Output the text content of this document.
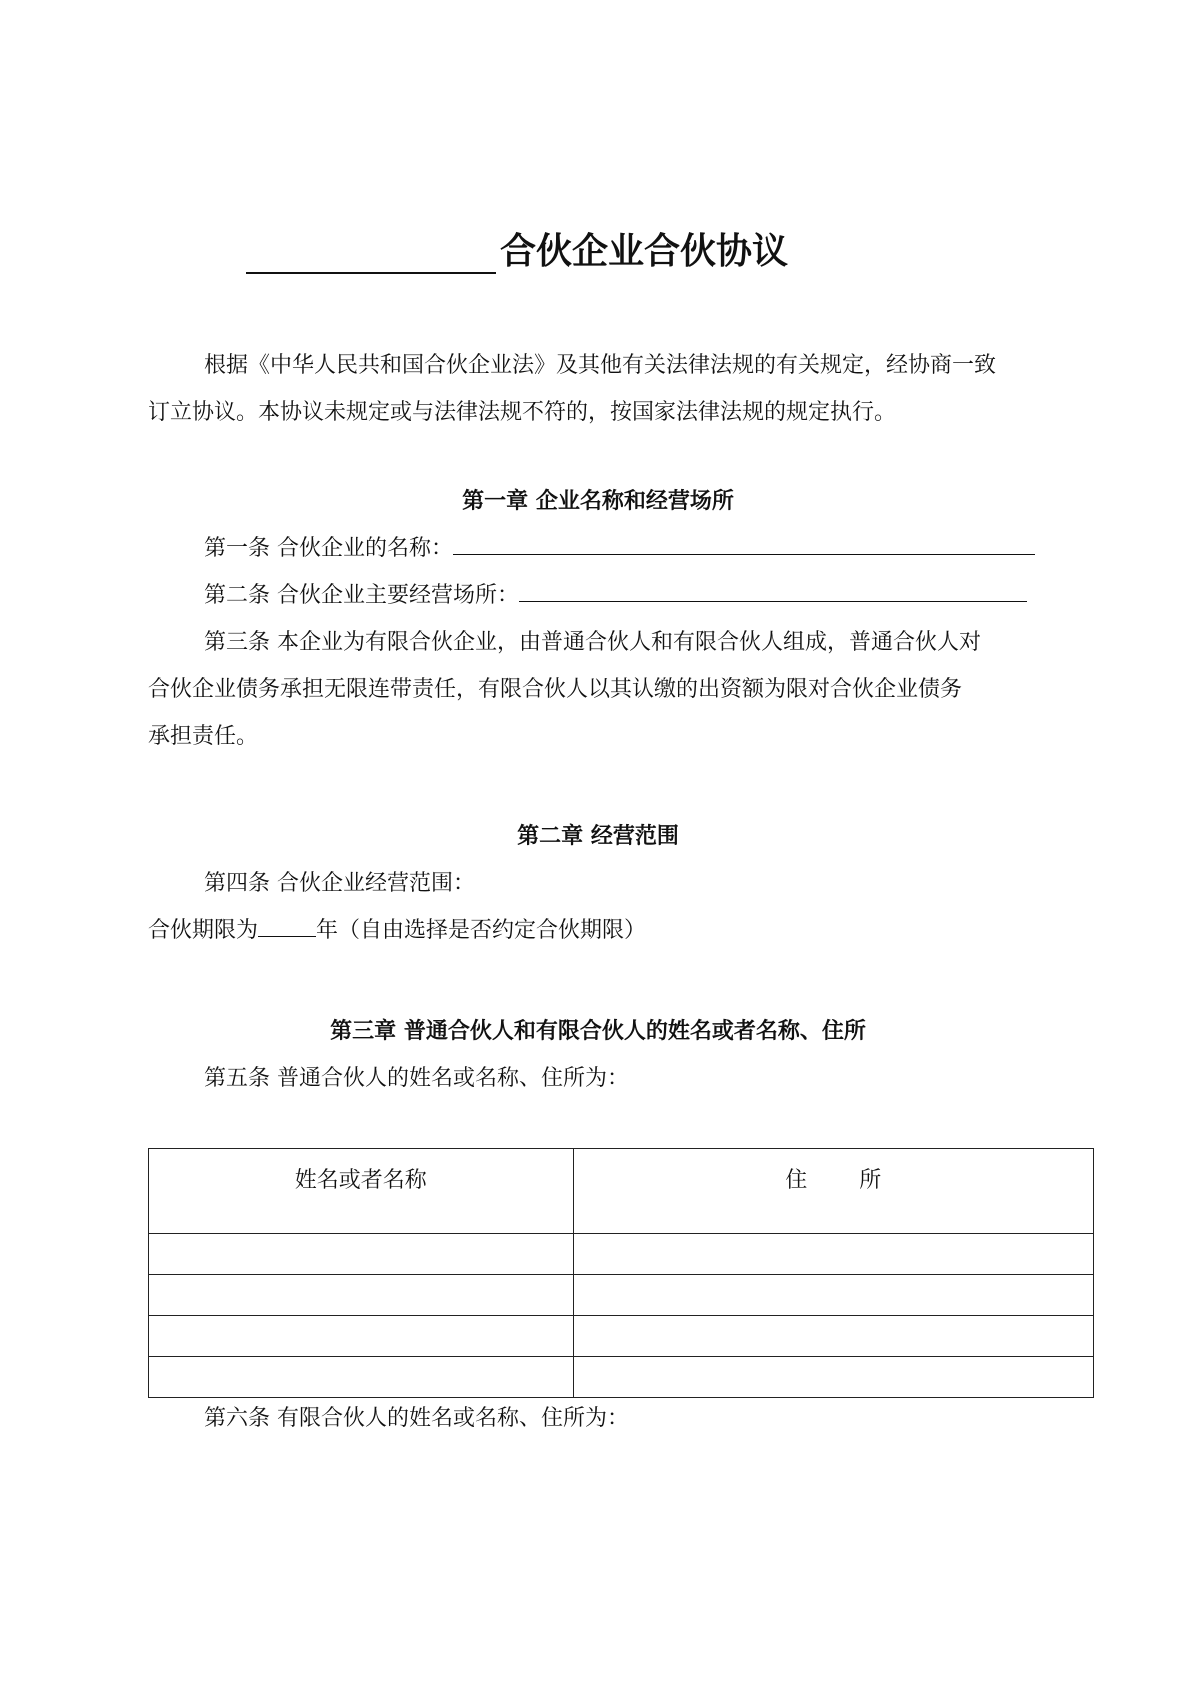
合伙企业合伙协议
根据《中华人民共和国合伙企业法》及其他有关法律法规的有关规定，经协商一致
订立协议。本协议未规定或与法律法规不符的，按国家法律法规的规定执行。
第一章 企业名称和经营场所
第一条 合伙企业的名称：
第二条 合伙企业主要经营场所：
第三条 本企业为有限合伙企业，由普通合伙人和有限合伙人组成，普通合伙人对
合伙企业债务承担无限连带责任，有限合伙人以其认缴的出资额为限对合伙企业债务
承担责任。
第二章 经营范围
第四条 合伙企业经营范围：
合伙期限为	年（自由选择是否约定合伙期限）
第三章 普通合伙人和有限合伙人的姓名或者名称、住所
第五条 普通合伙人的姓名或名称、住所为：
姓名或者名称	住 所

第六条 有限合伙人的姓名或名称、住所为：
